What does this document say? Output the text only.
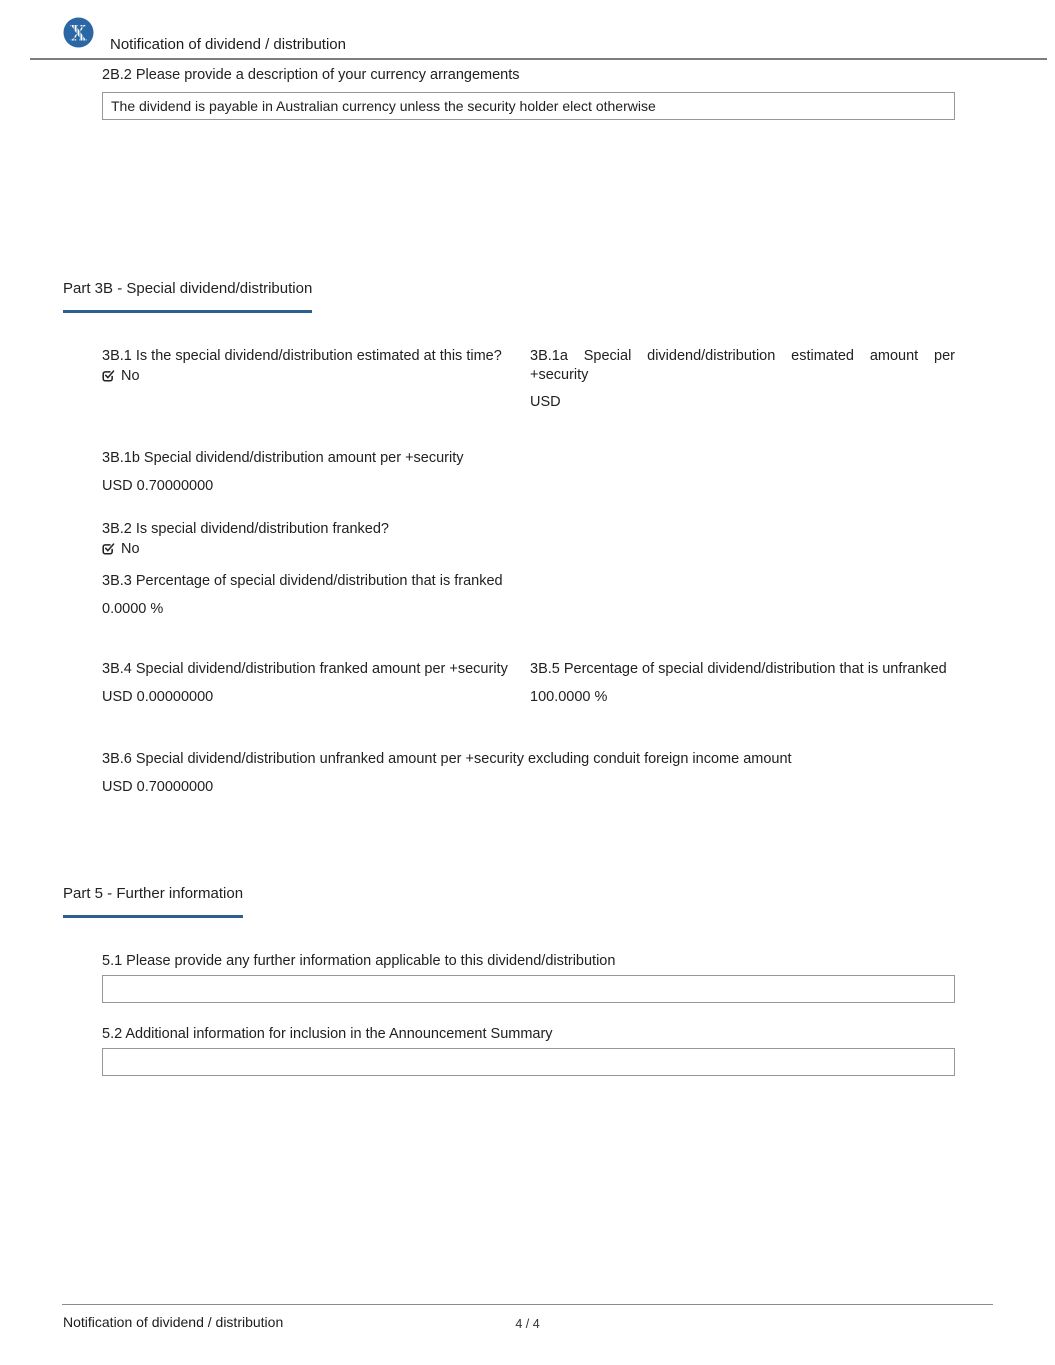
X Notification of dividend / distribution
2B.2 Please provide a description of your currency arrangements
The dividend is payable in Australian currency unless the security holder elect otherwise
Part 3B - Special dividend/distribution
3B.1 Is the special dividend/distribution estimated at this time?
No
3B.1a Special dividend/distribution estimated amount per +security
USD
3B.1b Special dividend/distribution amount per +security
USD 0.70000000
3B.2 Is special dividend/distribution franked?
No
3B.3 Percentage of special dividend/distribution that is franked
0.0000 %
3B.4 Special dividend/distribution franked amount per +security
USD 0.00000000
3B.5 Percentage of special dividend/distribution that is unfranked
100.0000 %
3B.6 Special dividend/distribution unfranked amount per +security excluding conduit foreign income amount
USD 0.70000000
Part 5 - Further information
5.1 Please provide any further information applicable to this dividend/distribution
5.2 Additional information for inclusion in the Announcement Summary
Notification of dividend / distribution	4 / 4
